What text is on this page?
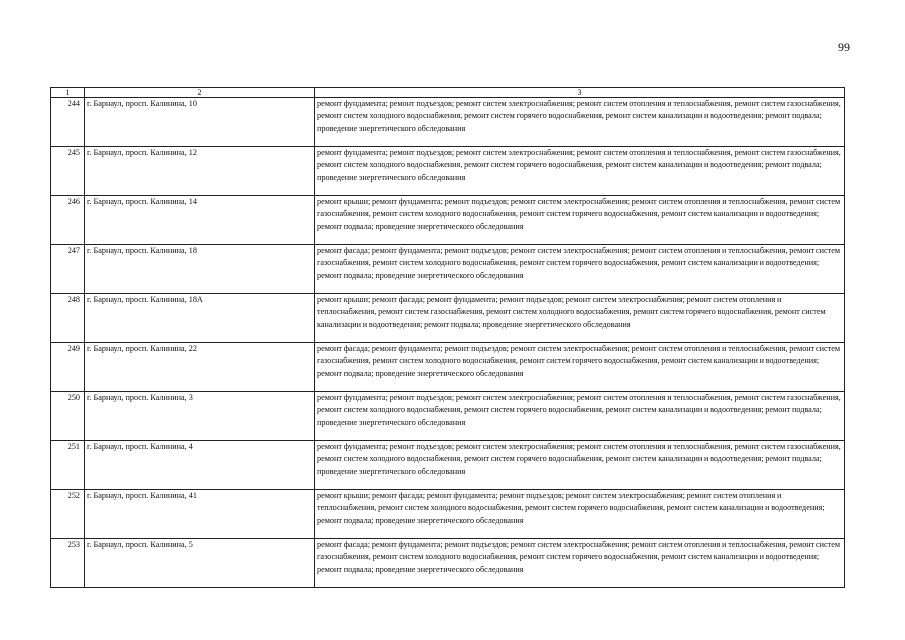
99

1	2	3
244	г. Барнаул, просп. Калинина, 10	ремонт фундамента; ремонт подъездов; ремонт систем электроснабжения; ремонт систем отопления и теплоснабжения, ремонт систем газоснабжения, ремонт систем холодного водоснабжения, ремонт систем горячего водоснабжения, ремонт систем канализации и водоотведения; ремонт подвала; проведение энергетического обследования
245	г. Барнаул, просп. Калинина, 12	ремонт фундамента; ремонт подъездов; ремонт систем электроснабжения; ремонт систем отопления и теплоснабжения, ремонт систем газоснабжения, ремонт систем холодного водоснабжения, ремонт систем горячего водоснабжения, ремонт систем канализации и водоотведения; ремонт подвала; проведение энергетического обследования
246	г. Барнаул, просп. Калинина, 14	ремонт крыши; ремонт фундамента; ремонт подъездов; ремонт систем электроснабжения; ремонт систем отопления и теплоснабжения, ремонт систем газоснабжения, ремонт систем холодного водоснабжения, ремонт систем горячего водоснабжения, ремонт систем канализации и водоотведения; ремонт подвала; проведение энергетического обследования
247	г. Барнаул, просп. Калинина, 18	ремонт фасада; ремонт фундамента; ремонт подъездов; ремонт систем электроснабжения; ремонт систем отопления и теплоснабжения, ремонт систем газоснабжения, ремонт систем холодного водоснабжения, ремонт систем горячего водоснабжения, ремонт систем канализации и водоотведения; ремонт подвала; проведение энергетического обследования
248	г. Барнаул, просп. Калинина, 18А	ремонт крыши; ремонт фасада; ремонт фундамента; ремонт подъездов; ремонт систем электроснабжения; ремонт систем отопления и теплоснабжения, ремонт систем газоснабжения, ремонт систем холодного водоснабжения, ремонт систем горячего водоснабжения, ремонт систем канализации и водоотведения; ремонт подвала; проведение энергетического обследования
249	г. Барнаул, просп. Калинина, 22	ремонт фасада; ремонт фундамента; ремонт подъездов; ремонт систем электроснабжения; ремонт систем отопления и теплоснабжения, ремонт систем газоснабжения, ремонт систем холодного водоснабжения, ремонт систем горячего водоснабжения, ремонт систем канализации и водоотведения; ремонт подвала; проведение энергетического обследования
250	г. Барнаул, просп. Калинина, 3	ремонт фундамента; ремонт подъездов; ремонт систем электроснабжения; ремонт систем отопления и теплоснабжения, ремонт систем газоснабжения, ремонт систем холодного водоснабжения, ремонт систем горячего водоснабжения, ремонт систем канализации и водоотведения; ремонт подвала; проведение энергетического обследования
251	г. Барнаул, просп. Калинина, 4	ремонт фундамента; ремонт подъездов; ремонт систем электроснабжения; ремонт систем отопления и теплоснабжения, ремонт систем газоснабжения, ремонт систем холодного водоснабжения, ремонт систем горячего водоснабжения, ремонт систем канализации и водоотведения; ремонт подвала; проведение энергетического обследования
252	г. Барнаул, просп. Калинина, 41	ремонт крыши; ремонт фасада; ремонт фундамента; ремонт подъездов; ремонт систем электроснабжения; ремонт систем отопления и теплоснабжения, ремонт систем холодного водоснабжения, ремонт систем горячего водоснабжения, ремонт систем канализации и водоотведения; ремонт подвала; проведение энергетического обследования
253	г. Барнаул, просп. Калинина, 5	ремонт фасада; ремонт фундамента; ремонт подъездов; ремонт систем электроснабжения; ремонт систем отопления и теплоснабжения, ремонт систем газоснабжения, ремонт систем холодного водоснабжения, ремонт систем горячего водоснабжения, ремонт систем канализации и водоотведения; ремонт подвала; проведение энергетического обследования
